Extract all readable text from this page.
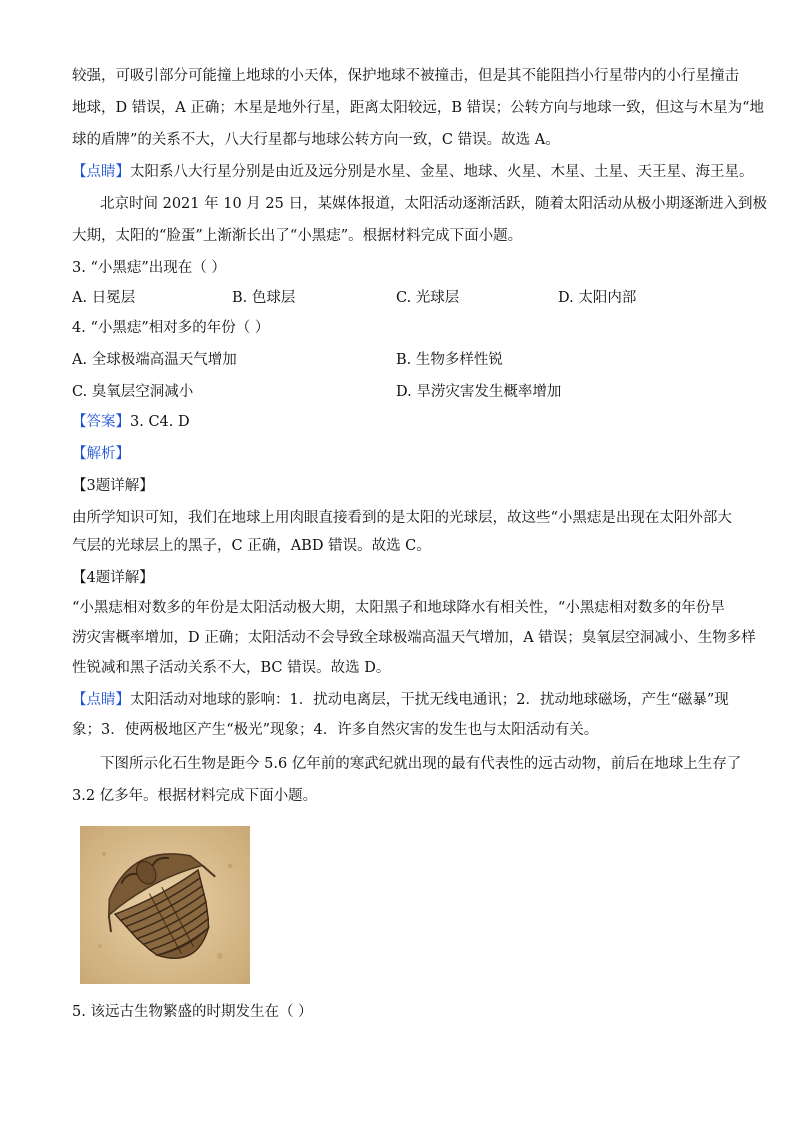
较强，可吸引部分可能撞上地球的小天体，保护地球不被撞击，但是其不能阻挡小行星带内的小行星撞击
地球，D 错误，A 正确；木星是地外行星，距离太阳较远，B 错误；公转方向与地球一致，但这与木星为“地
球的盾牌”的关系不大，八大行星都与地球公转方向一致，C 错误。故选 A。
【点睛】太阳系八大行星分别是由近及远分别是水星、金星、地球、火星、木星、土星、天王星、海王星。
北京时间 2021 年 10 月 25 日，某媒体报道，太阳活动逐渐活跃，随着太阳活动从极小期逐渐进入到极
大期，太阳的“脸蛋”上渐渐长出了“小黑痣”。根据材料完成下面小题。
3. “小黑痣”出现在（ ）
A. 日冕层	B. 色球层	C. 光球层	D. 太阳内部
4. “小黑痣”相对多的年份（ ）
A. 全球极端高温天气增加	B. 生物多样性锐
C. 臭氧层空洞减小	D. 旱涝灾害发生概率增加
【答案】3. C4. D
【解析】
【3题详解】
由所学知识可知，我们在地球上用肉眼直接看到的是太阳的光球层，故这些“小黑痣是出现在太阳外部大
气层的光球层上的黑子，C 正确，ABD 错误。故选 C。
【4题详解】
“小黑痣相对数多的年份是太阳活动极大期，太阳黑子和地球降水有相关性，“小黑痣相对数多的年份旱
涝灾害概率增加，D 正确；太阳活动不会导致全球极端高温天气增加，A 错误；臭氧层空洞减小、生物多样
性锐减和黑子活动关系不大，BC 错误。故选 D。
【点睛】太阳活动对地球的影响：1．扰动电离层，干扰无线电通讯；2．扰动地球磁场，产生“磁暴”现
象；3．使两极地区产生“极光”现象；4．许多自然灾害的发生也与太阳活动有关。
下图所示化石生物是距今 5.6 亿年前的寒武纪就出现的最有代表性的远古动物，前后在地球上生存了
3.2 亿多年。根据材料完成下面小题。
5. 该远古生物繁盛的时期发生在（ ）
